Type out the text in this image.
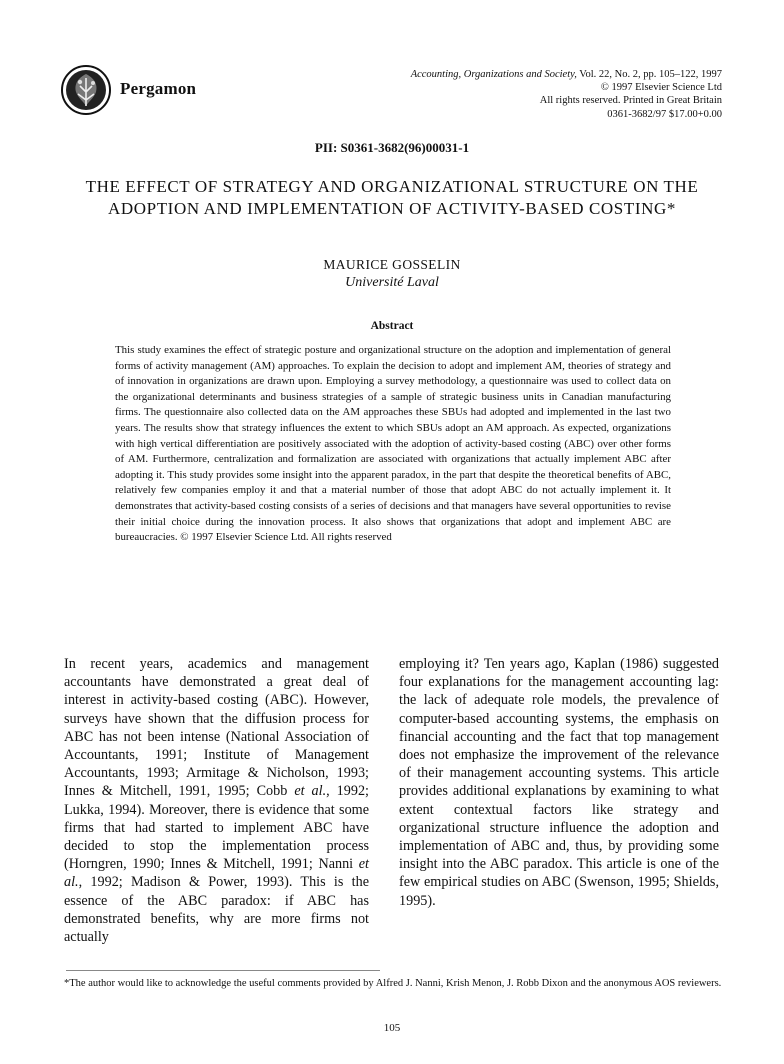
Pergamon
Accounting, Organizations and Society, Vol. 22, No. 2, pp. 105–122, 1997
© 1997 Elsevier Science Ltd
All rights reserved. Printed in Great Britain
0361-3682/97 $17.00+0.00
PII: S0361-3682(96)00031-1
THE EFFECT OF STRATEGY AND ORGANIZATIONAL STRUCTURE ON THE
ADOPTION AND IMPLEMENTATION OF ACTIVITY-BASED COSTING*
MAURICE GOSSELIN
Université Laval
Abstract
This study examines the effect of strategic posture and organizational structure on the adoption and implementation of general forms of activity management (AM) approaches. To explain the decision to adopt and implement AM, theories of strategy and of innovation in organizations are drawn upon. Employing a survey methodology, a questionnaire was used to collect data on the organizational determinants and business strategies of a sample of strategic business units in Canadian manufacturing firms. The questionnaire also collected data on the AM approaches these SBUs had adopted and implemented in the last two years. The results show that strategy influences the extent to which SBUs adopt an AM approach. As expected, organizations with high vertical differentiation are positively associated with the adoption of activity-based costing (ABC) over other forms of AM. Furthermore, centralization and formalization are associated with organizations that actually implement ABC after adopting it. This study provides some insight into the apparent paradox, in the part that despite the theoretical benefits of ABC, relatively few companies employ it and that a material number of those that adopt ABC do not actually implement it. It demonstrates that activity-based costing consists of a series of decisions and that managers have several opportunities to revise their initial choice during the innovation process. It also shows that organizations that adopt and implement ABC are bureaucracies. © 1997 Elsevier Science Ltd. All rights reserved
In recent years, academics and management accountants have demonstrated a great deal of interest in activity-based costing (ABC). However, surveys have shown that the diffusion process for ABC has not been intense (National Association of Accountants, 1991; Institute of Management Accountants, 1993; Armitage & Nicholson, 1993; Innes & Mitchell, 1991, 1995; Cobb et al., 1992; Lukka, 1994). Moreover, there is evidence that some firms that had started to implement ABC have decided to stop the implementation process (Horngren, 1990; Innes & Mitchell, 1991; Nanni et al., 1992; Madison & Power, 1993). This is the essence of the ABC paradox: if ABC has demonstrated benefits, why are more firms not actually
employing it? Ten years ago, Kaplan (1986) suggested four explanations for the management accounting lag: the lack of adequate role models, the prevalence of computer-based accounting systems, the emphasis on financial accounting and the fact that top management does not emphasize the improvement of the relevance of their management accounting systems. This article provides additional explanations by examining to what extent contextual factors like strategy and organizational structure influence the adoption and implementation of ABC and, thus, by providing some insight into the ABC paradox. This article is one of the few empirical studies on ABC (Swenson, 1995; Shields, 1995).
*The author would like to acknowledge the useful comments provided by Alfred J. Nanni, Krish Menon, J. Robb Dixon and the anonymous AOS reviewers.
105
